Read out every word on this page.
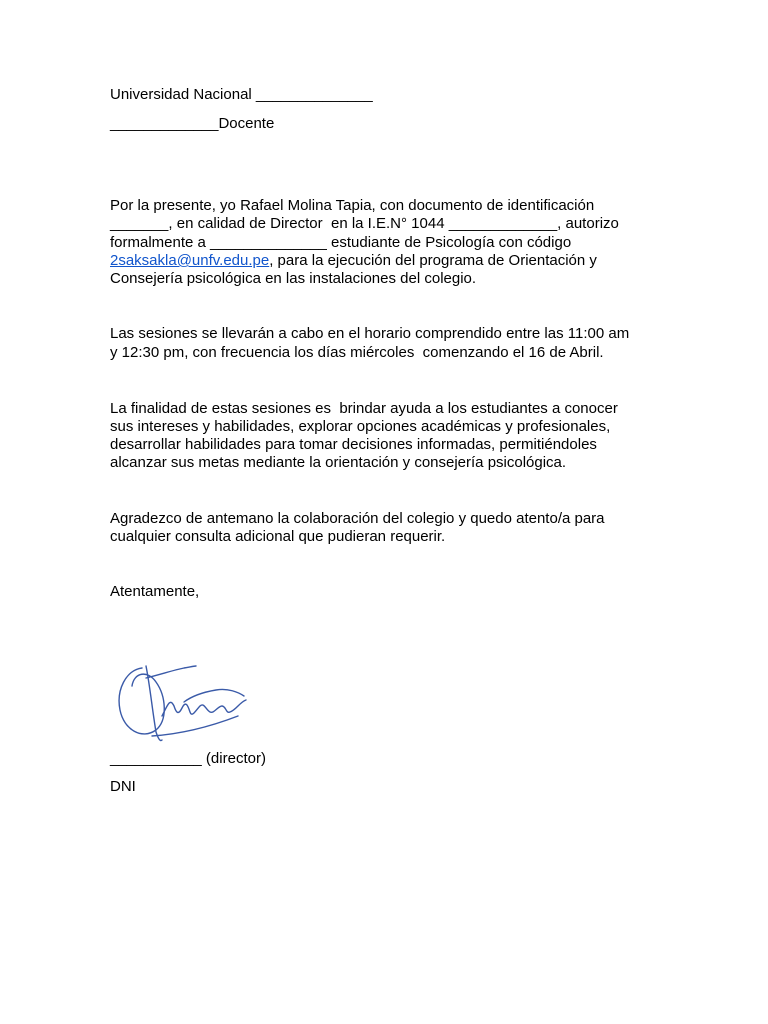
Universidad Nacional ______________
_____________Docente
Por la presente, yo Rafael Molina Tapia, con documento de identificación
_______, en calidad de Director  en la I.E.N° 1044 _____________, autorizo
formalmente a ______________ estudiante de Psicología con código
2saksakla@unfv.edu.pe, para la ejecución del programa de Orientación y
Consejería psicológica en las instalaciones del colegio.
Las sesiones se llevarán a cabo en el horario comprendido entre las 11:00 am
y 12:30 pm, con frecuencia los días miércoles  comenzando el 16 de Abril.
La finalidad de estas sesiones es  brindar ayuda a los estudiantes a conocer
sus intereses y habilidades, explorar opciones académicas y profesionales,
desarrollar habilidades para tomar decisiones informadas, permitiéndoles
alcanzar sus metas mediante la orientación y consejería psicológica.
Agradezco de antemano la colaboración del colegio y quedo atento/a para
cualquier consulta adicional que pudieran requerir.
Atentamente,
___________ (director)
DNI
